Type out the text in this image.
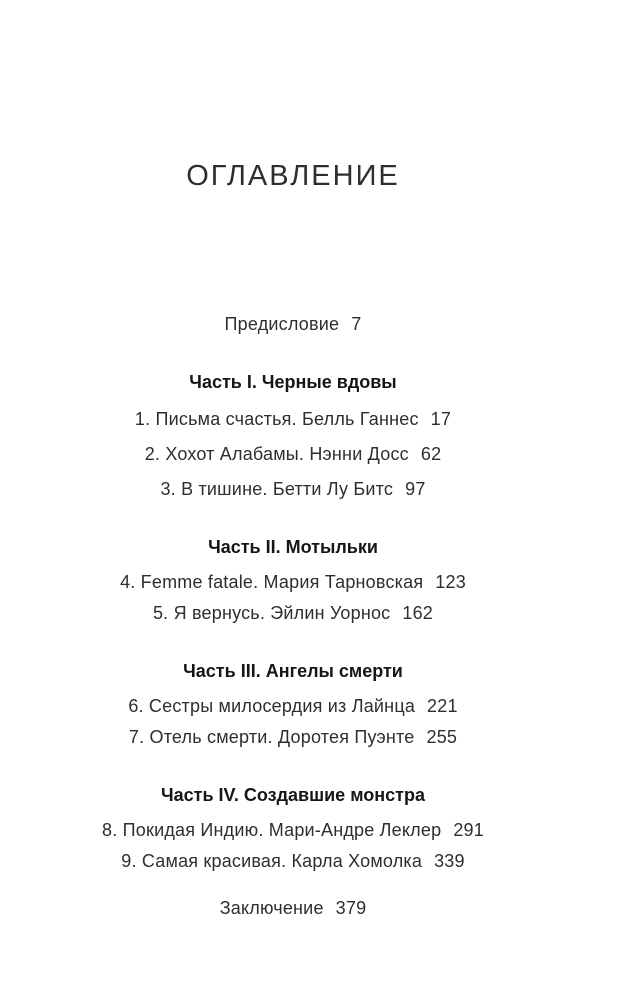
ОГЛАВЛЕНИЕ

Предисловие 7

Часть I. Черные вдовы

1. Письма счастья. Белль Ганнес 17

2. Хохот Алабамы. Нэнни Досс 62

3. В тишине. Бетти Лу Битс 97

Часть II. Мотыльки

4. Femme fatale. Мария Тарновская 123

5. Я вернусь. Эйлин Уорнос 162

Часть III. Ангелы смерти

6. Сестры милосердия из Лайнца 221

7. Отель смерти. Доротея Пуэнте 255

Часть IV. Создавшие монстра

8. Покидая Индию. Мари-Андре Леклер 291

9. Самая красивая. Карла Хомолка 339

Заключение 379
